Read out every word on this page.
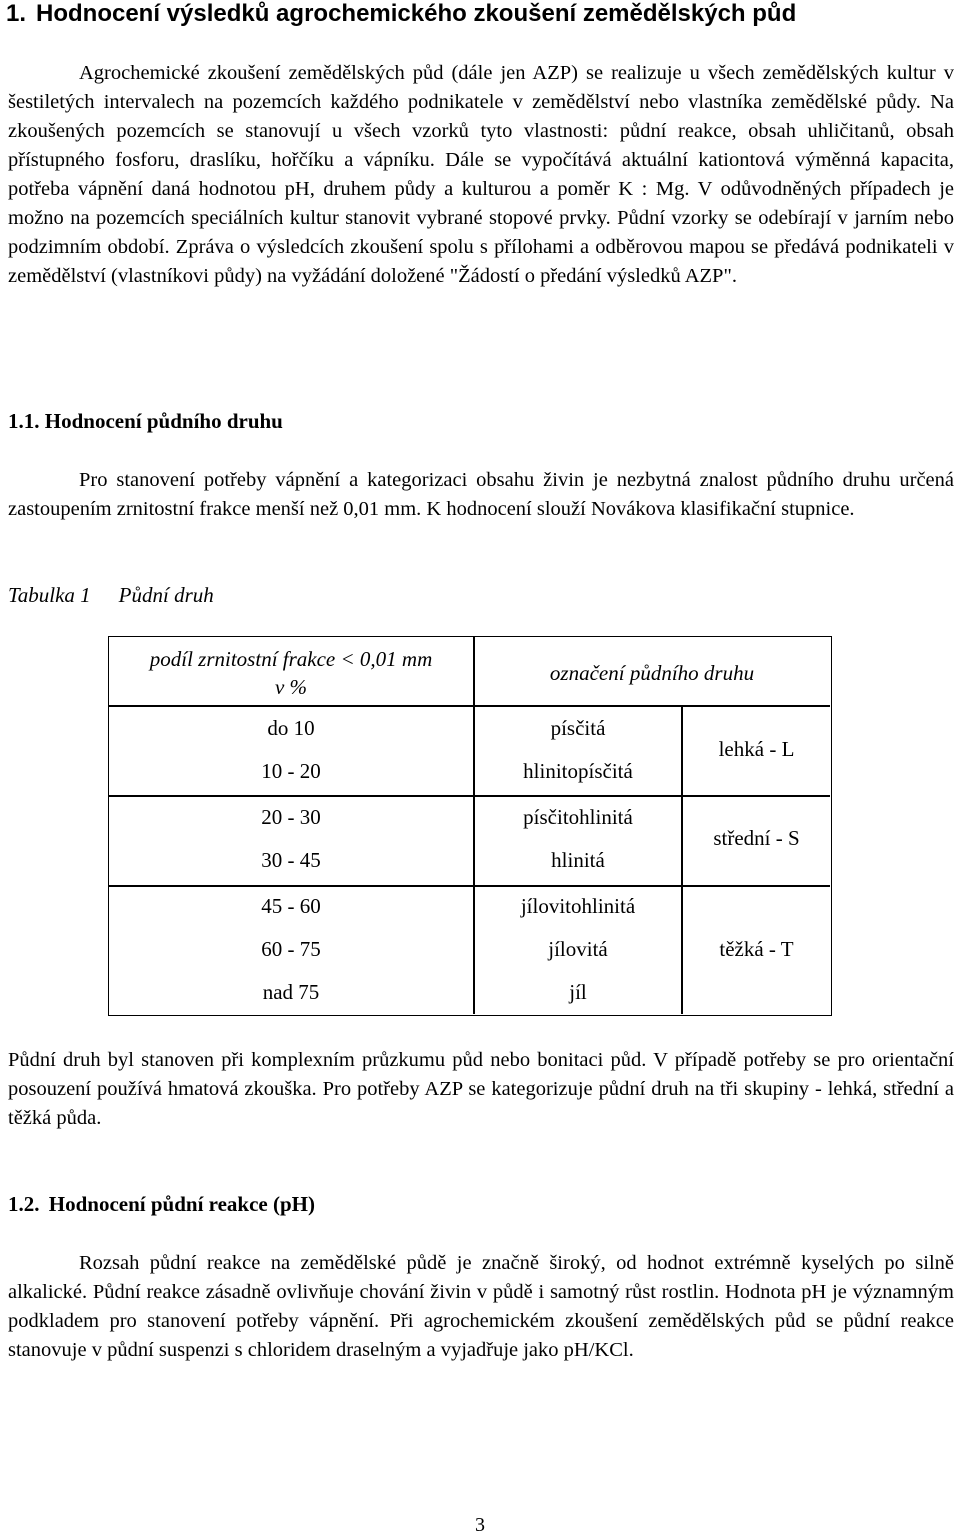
1. Hodnocení výsledků agrochemického zkoušení zemědělských půd

Agrochemické zkoušení zemědělských půd (dále jen AZP) se realizuje u všech zemědělských kultur v šestiletých intervalech na pozemcích každého podnikatele v zemědělství nebo vlastníka zemědělské půdy. Na zkoušených pozemcích se stanovují u všech vzorků tyto vlastnosti: půdní reakce, obsah uhličitanů, obsah přístupného fosforu, draslíku, hořčíku a vápníku. Dále se vypočítává aktuální kationtová výměnná kapacita, potřeba vápnění daná hodnotou pH, druhem půdy a kulturou a poměr K : Mg. V odůvodněných případech je možno na pozemcích speciálních kultur stanovit vybrané stopové prvky. Půdní vzorky se odebírají v jarním nebo podzimním období. Zpráva o výsledcích zkoušení spolu s přílohami a odběrovou mapou se předává podnikateli v zemědělství (vlastníkovi půdy) na vyžádání doložené "Žádostí o předání výsledků AZP".

1.1. Hodnocení půdního druhu

Pro stanovení potřeby vápnění a kategorizaci obsahu živin je nezbytná znalost půdního druhu určená zastoupením zrnitostní frakce menší než 0,01 mm. K hodnocení slouží Novákova klasifikační stupnice.

Tabulka 1 Půdní druh

podíl zrnitostní frakce < 0,01 mm
v %
označení půdního druhu
do 10
10 - 20
20 - 30
30 - 45
45 - 60
60 - 75
nad 75
písčitá
hlinitopísčitá
písčitohlinitá
hlinitá
jílovitohlinitá
jílovitá
jíl
lehká - L
střední - S
těžká - T

Půdní druh byl stanoven při komplexním průzkumu půd nebo bonitaci půd. V případě potřeby se pro orientační posouzení používá hmatová zkouška. Pro potřeby AZP se kategorizuje půdní druh na tři skupiny - lehká, střední a těžká půda.

1.2. Hodnocení půdní reakce (pH)

Rozsah půdní reakce na zemědělské půdě je značně široký, od hodnot extrémně kyselých po silně alkalické. Půdní reakce zásadně ovlivňuje chování živin v půdě i samotný růst rostlin. Hodnota pH je významným podkladem pro stanovení potřeby vápnění. Při agrochemickém zkoušení zemědělských půd se půdní reakce stanovuje v půdní suspenzi s chloridem draselným a vyjadřuje jako pH/KCl.

3
